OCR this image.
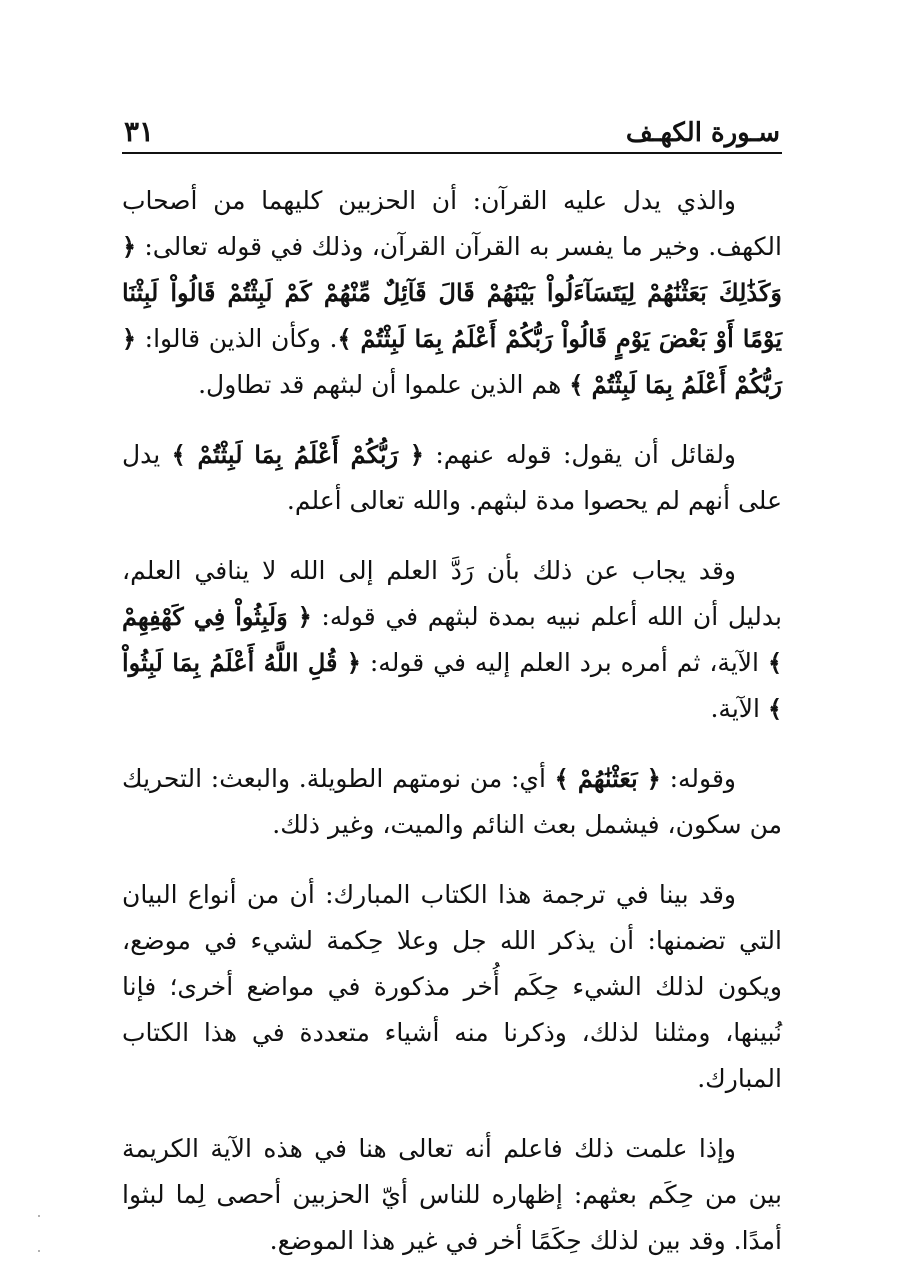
سـورة الكهـف
٣١

والذي يدل عليه القرآن: أن الحزبين كليهما من أصحاب الكهف. وخير ما يفسر به القرآن القرآن، وذلك في قوله تعالى: ﴿ وَكَذَٰلِكَ بَعَثْنَٰهُمْ لِيَتَسَآءَلُواْ بَيْنَهُمْ قَالَ قَآئِلٌ مِّنْهُمْ كَمْ لَبِثْتُمْ قَالُواْ لَبِثْنَا يَوْمًا أَوْ بَعْضَ يَوْمٍ قَالُواْ رَبُّكُمْ أَعْلَمُ بِمَا لَبِثْتُمْ ﴾. وكأن الذين قالوا: ﴿ رَبُّكُمْ أَعْلَمُ بِمَا لَبِثْتُمْ ﴾ هم الذين علموا أن لبثهم قد تطاول.

ولقائل أن يقول: قوله عنهم: ﴿ رَبُّكُمْ أَعْلَمُ بِمَا لَبِثْتُمْ ﴾ يدل على أنهم لم يحصوا مدة لبثهم. والله تعالى أعلم.

وقد يجاب عن ذلك بأن رَدَّ العلم إلى الله لا ينافي العلم، بدليل أن الله أعلم نبيه بمدة لبثهم في قوله: ﴿ وَلَبِثُواْ فِي كَهْفِهِمْ ﴾ الآية، ثم أمره برد العلم إليه في قوله: ﴿ قُلِ اللَّهُ أَعْلَمُ بِمَا لَبِثُواْ ﴾ الآية.

وقوله: ﴿ بَعَثْنَٰهُمْ ﴾ أي: من نومتهم الطويلة. والبعث: التحريك من سكون، فيشمل بعث النائم والميت، وغير ذلك.

وقد بينا في ترجمة هذا الكتاب المبارك: أن من أنواع البيان التي تضمنها: أن يذكر الله جل وعلا حِكمة لشيء في موضع، ويكون لذلك الشيء حِكَم أُخر مذكورة في مواضع أخرى؛ فإنا نُبينها، ومثلنا لذلك، وذكرنا منه أشياء متعددة في هذا الكتاب المبارك.

وإذا علمت ذلك فاعلم أنه تعالى هنا في هذه الآية الكريمة بين من حِكَم بعثهم: إظهاره للناس أيّ الحزبين أحصى لِما لبثوا أمدًا. وقد بين لذلك حِكَمًا أخر في غير هذا الموضع.
